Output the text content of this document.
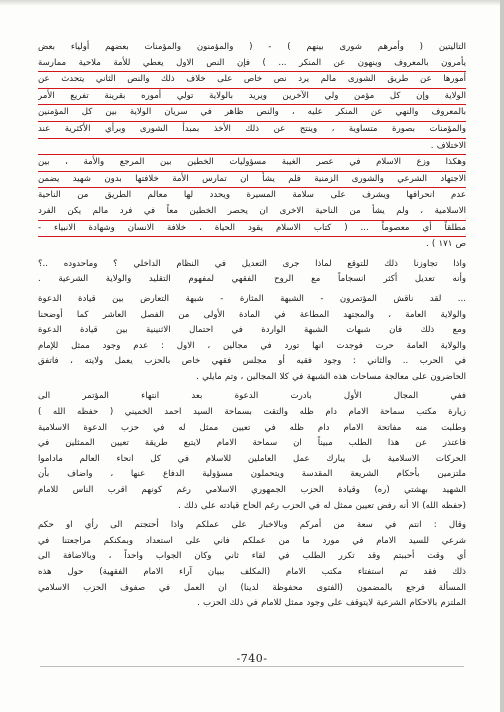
التاليتين ( وأمرهم شورى بينهم ) - ( والمؤمنون والمؤمنات بعضهم أولياء بعض
يأمرون بالمعروف وينهون عن المنكر ... ) فإن النص الاول يعطي للأمة ملاحية ممارسة
أمورها عن طريق الشورى مالم يرد نص خاص على خلاف ذلك والنص الثاني يتحدث عن
الولاية وإن كل مؤمن ولي الآخرين ويريد بالولاية تولي أموره بقرينة تفريع الأمر
بالمعروف والنهي عن المنكر عليه ، والنص ظاهر في سريان الولاية بين كل المؤمنين
والمؤمنات بصورة متساوية ، وينتج عن ذلك الأخذ بمبدأ الشورى وبرأي الأكثرية عند
الاختلاف .
وهكذا وزع الاسلام في عصر الغيبة مسؤوليات الخطين بين المرجع والأمة ، بين
الاجتهاد الشرعي والشورى الزمنية فلم يشأ ان تمارس الأمة خلافتها بدون شهيد يضمن
عدم انحرافها ويشرف على سلامة المسيرة ويحدد لها معالم الطريق من الناحية
الاسلامية ، ولم يشأ من الناحية الاخرى ان يحصر الخطين معاً في فرد مالم يكن الفرد
مطلقاً أي معصوماً ... ( كتاب الاسلام يقود الحياة ، خلافة الانسان وشهادة الانبياء -
ص ١٧١ ) .
واذا تجاوزنا ذلك للتوقع لماذا جرى التعديل في النظام الداخلي ؟ وماحدوده ..؟
وأنه تعديل أكثر انسجاماً مع الروح الفقهي لمفهوم التقليد والولاية الشرعية .
... لقد ناقش المؤتمرون - الشبهة المثارة - شبهة التعارض بين قيادة الدعوة
والولاية العامة ، والمجتهد المطاعة في المادة الأولى من الفصل العاشر كما أوضحنا
ومع ذلك فان شبهات الشبهة الواردة في احتمال الاثنينية بين قيادة الدعوة
والولاية العامة حرت فوجدت انها تورد في مجالين ، الاول : عدم وجود ممثل للإمام
في الحرب .. والثاني : وجود فقيه أو مجلس فقهي خاص بالحزب يعمل ولايته ، فاتفق
الحاضرون على معالجة مساحات هذه الشبهة في كلا المجالين ، وتم مايلي .
ففي المجال الأول بادرت الدعوة بعد انتهاء المؤتمر الى
زيارة مكتب سماحة الامام دام ظله والتقت بسماحة السيد احمد الخميني ( حفظه الله )
وطلبت منه مفاتحة الامام دام ظله في تعيين ممثل له في حزب الدعوة الاسلامية
فاعتذر عن هذا الطلب مبيناً ان سماحة الامام لايتبع طريقة تعيين الممثلين في
الحركات الاسلامية بل يبارك عمل العاملين للاسلام في كل انحاء العالم ماداموا
ملتزمين بأحكام الشريعة المقدسة ويتحملون مسؤولية الدفاع عنها ، واضاف بأن
الشهيد بهشتي (ره) وقيادة الحزب الجمهوري الاسلامي رغم كونهم اقرب الناس للامام
(حفظه الله) الا أنه رفض تعيين ممثل له في الحزب رغم الحاح قيادته على ذلك .
وقال : انتم في سعة من أمركم وبالاخبار على عملكم واذا أحتجتم الى رأي او حكم
شرعي للسيد الامام في مورد ما من عملكم فاني على استعداد وبمكنكم مراجعتنا في
أي وقت أحببتم وقد تكرر الطلب في لقاء ثاني وكان الجواب واحداً ، وبالاضافة الى
ذلك فقد تم استفتاء مكتب الامام (المكلف ببيان آراء الامام الفقهية) حول هذه
المسألة فرجع بالمضمون (الفتوى محفوظة لدينا) ان العمل في صفوف الحزب الاسلامي
الملتزم بالاحكام الشرعية لايتوقف على وجود ممثل للامام في ذلك الحزب .
-740-
